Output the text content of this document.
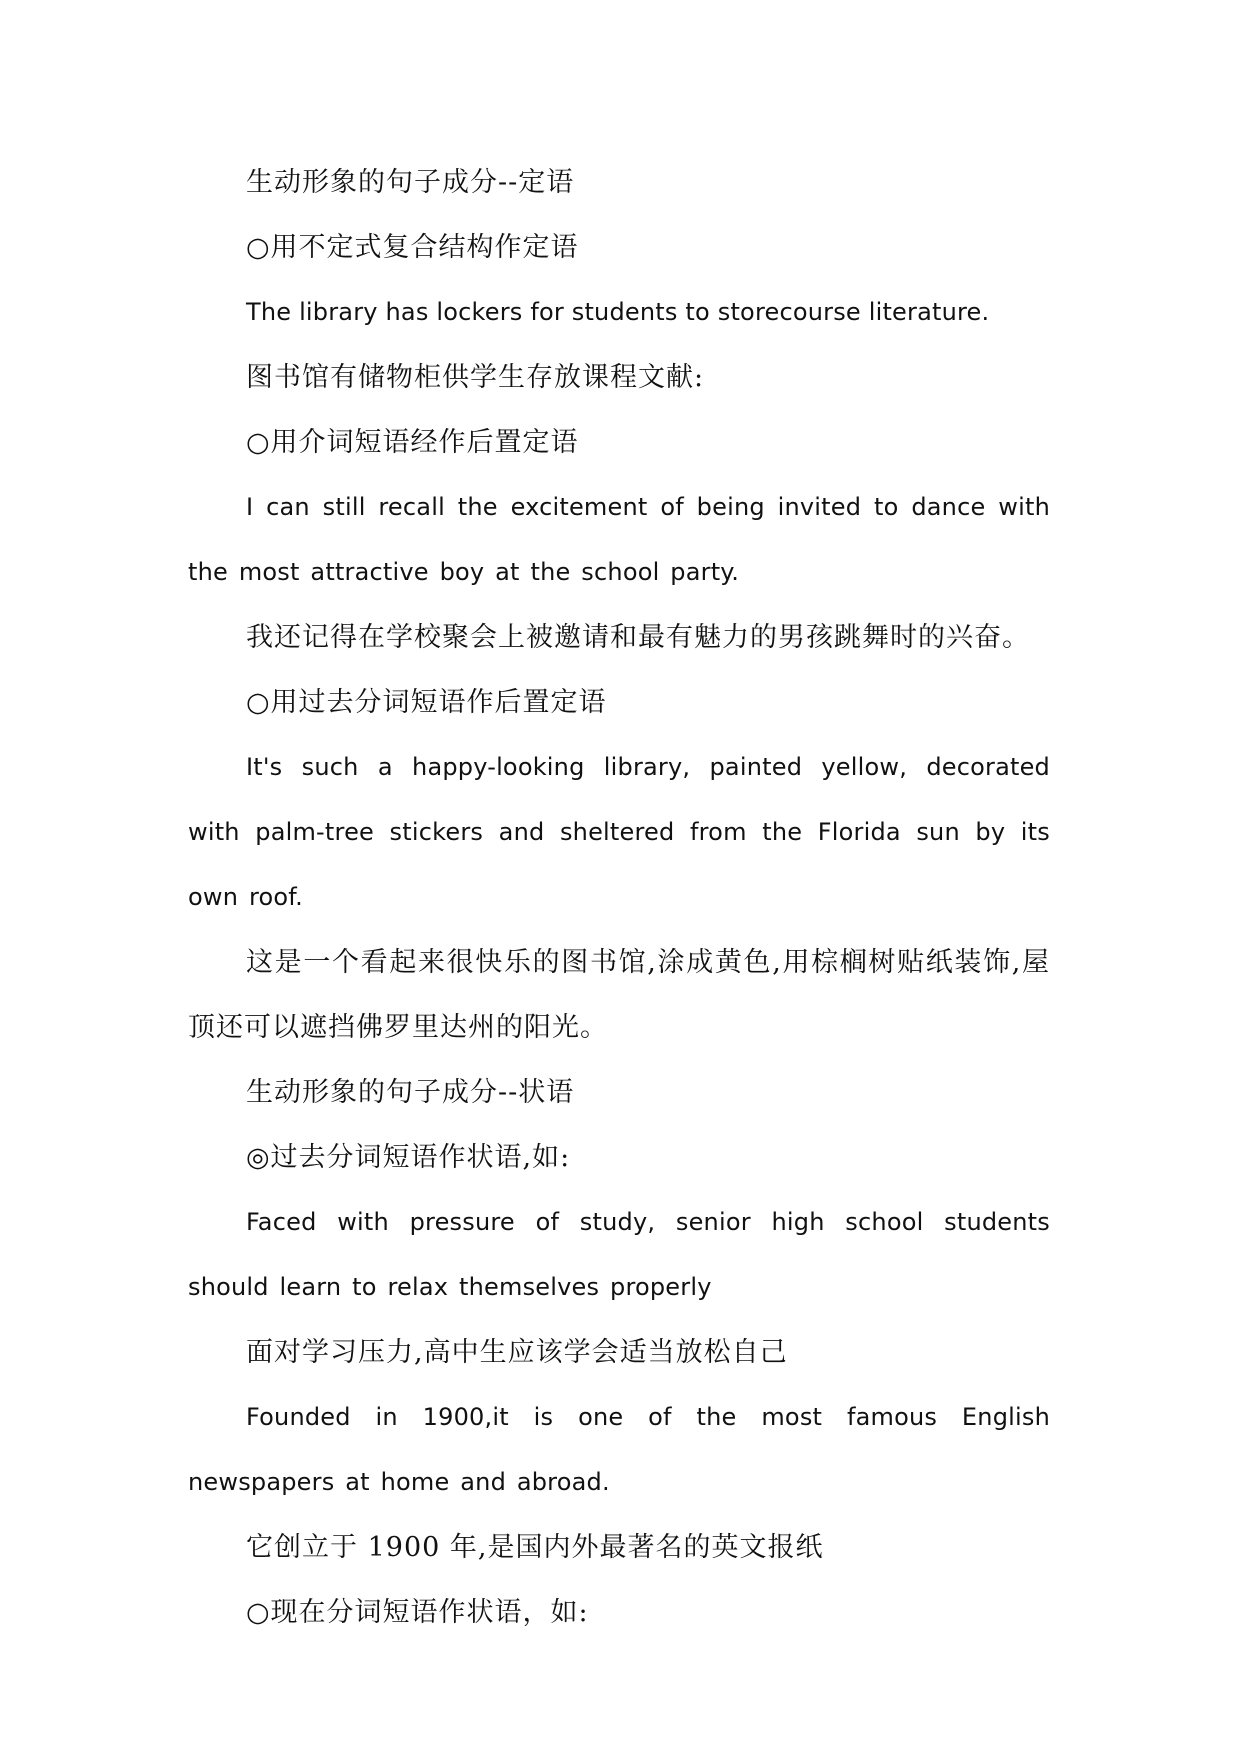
生动形象的句子成分--定语

○用不定式复合结构作定语

The library has lockers for students to storecourse literature.

图书馆有储物柜供学生存放课程文献:

○用介词短语经作后置定语

I can still recall the excitement of being invited to dance with the most attractive boy at the school party.

我还记得在学校聚会上被邀请和最有魅力的男孩跳舞时的兴奋。

○用过去分词短语作后置定语

It's such a happy-looking library, painted yellow, decorated with palm-tree stickers and sheltered from the Florida sun by its own roof.

这是一个看起来很快乐的图书馆,涂成黄色,用棕榈树贴纸装饰,屋顶还可以遮挡佛罗里达州的阳光。

生动形象的句子成分--状语

◎过去分词短语作状语,如:

Faced with pressure of study, senior high school students should learn to relax themselves properly

面对学习压力,高中生应该学会适当放松自己

Founded in 1900,it is one of the most famous English newspapers at home and abroad.

它创立于 1900 年,是国内外最著名的英文报纸

○现在分词短语作状语，如:
